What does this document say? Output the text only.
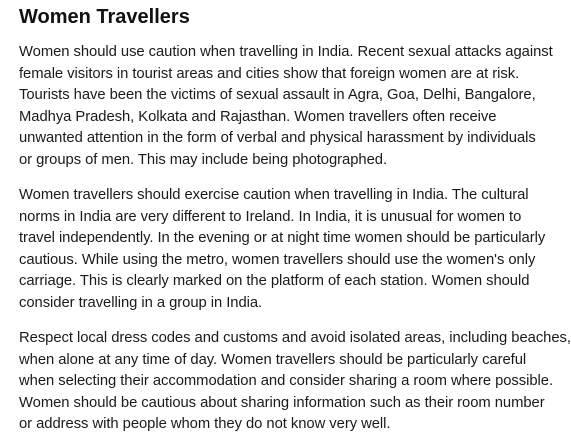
Women Travellers

Women should use caution when travelling in India. Recent sexual attacks against
female visitors in tourist areas and cities show that foreign women are at risk.
Tourists have been the victims of sexual assault in Agra, Goa, Delhi, Bangalore,
Madhya Pradesh, Kolkata and Rajasthan. Women travellers often receive
unwanted attention in the form of verbal and physical harassment by individuals
or groups of men. This may include being photographed.

Women travellers should exercise caution when travelling in India. The cultural
norms in India are very different to Ireland. In India, it is unusual for women to
travel independently. In the evening or at night time women should be particularly
cautious. While using the metro, women travellers should use the women's only
carriage. This is clearly marked on the platform of each station. Women should
consider travelling in a group in India.

Respect local dress codes and customs and avoid isolated areas, including beaches,
when alone at any time of day. Women travellers should be particularly careful
when selecting their accommodation and consider sharing a room where possible.
Women should be cautious about sharing information such as their room number
or address with people whom they do not know very well.
